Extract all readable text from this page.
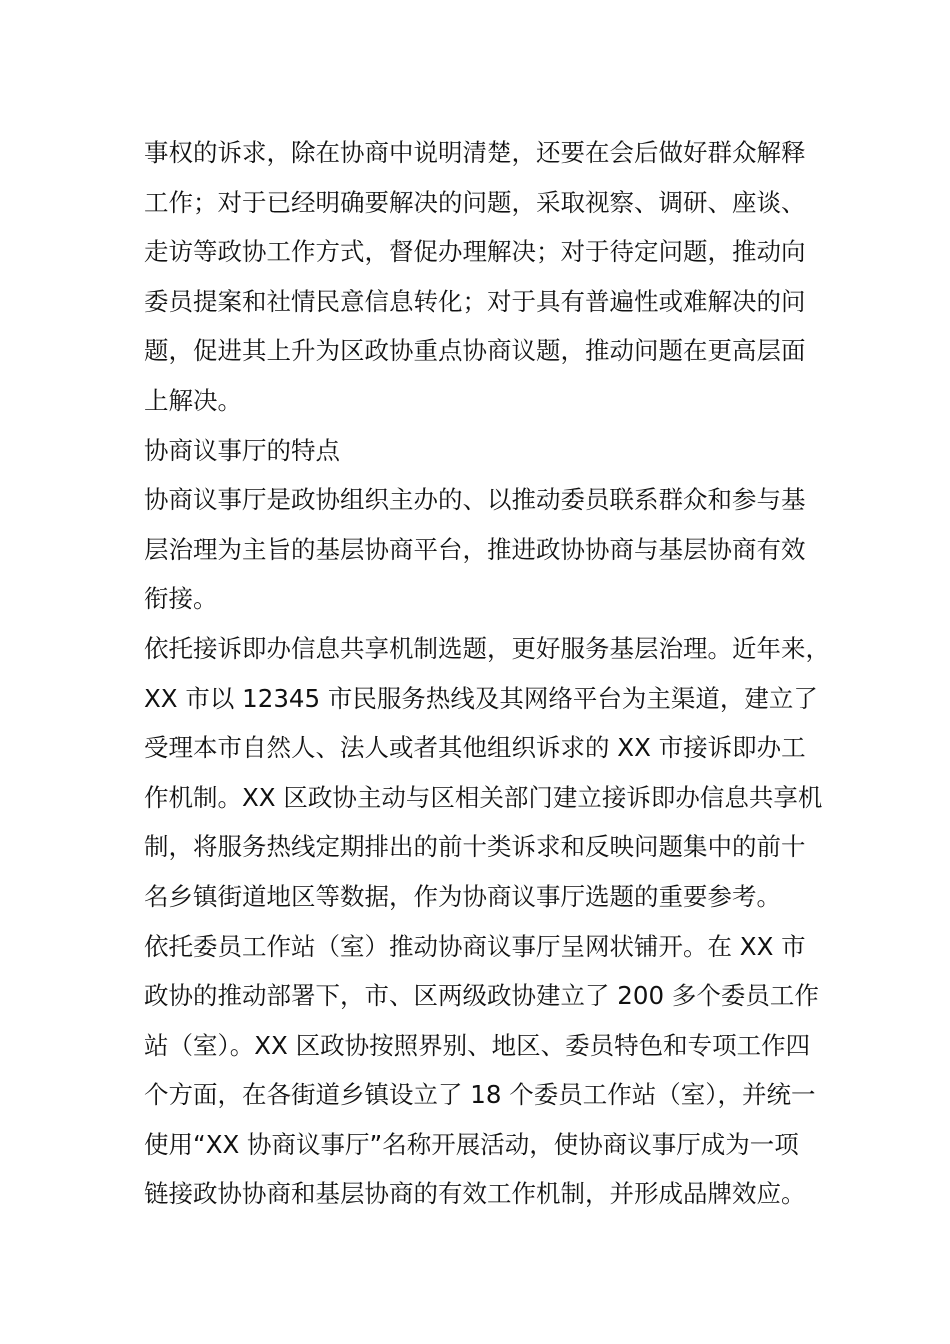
事权的诉求，除在协商中说明清楚，还要在会后做好群众解释
工作；对于已经明确要解决的问题，采取视察、调研、座谈、
走访等政协工作方式，督促办理解决；对于待定问题，推动向
委员提案和社情民意信息转化；对于具有普遍性或难解决的问
题，促进其上升为区政协重点协商议题，推动问题在更高层面
上解决。
协商议事厅的特点
协商议事厅是政协组织主办的、以推动委员联系群众和参与基
层治理为主旨的基层协商平台，推进政协协商与基层协商有效
衔接。
依托接诉即办信息共享机制选题，更好服务基层治理。近年来，
XX 市以 12345 市民服务热线及其网络平台为主渠道，建立了
受理本市自然人、法人或者其他组织诉求的 XX 市接诉即办工
作机制。XX 区政协主动与区相关部门建立接诉即办信息共享机
制，将服务热线定期排出的前十类诉求和反映问题集中的前十
名乡镇街道地区等数据，作为协商议事厅选题的重要参考。
依托委员工作站（室）推动协商议事厅呈网状铺开。在 XX 市
政协的推动部署下，市、区两级政协建立了 200 多个委员工作
站（室）。XX 区政协按照界别、地区、委员特色和专项工作四
个方面，在各街道乡镇设立了 18 个委员工作站（室），并统一
使用“XX 协商议事厅”名称开展活动，使协商议事厅成为一项
链接政协协商和基层协商的有效工作机制，并形成品牌效应。
